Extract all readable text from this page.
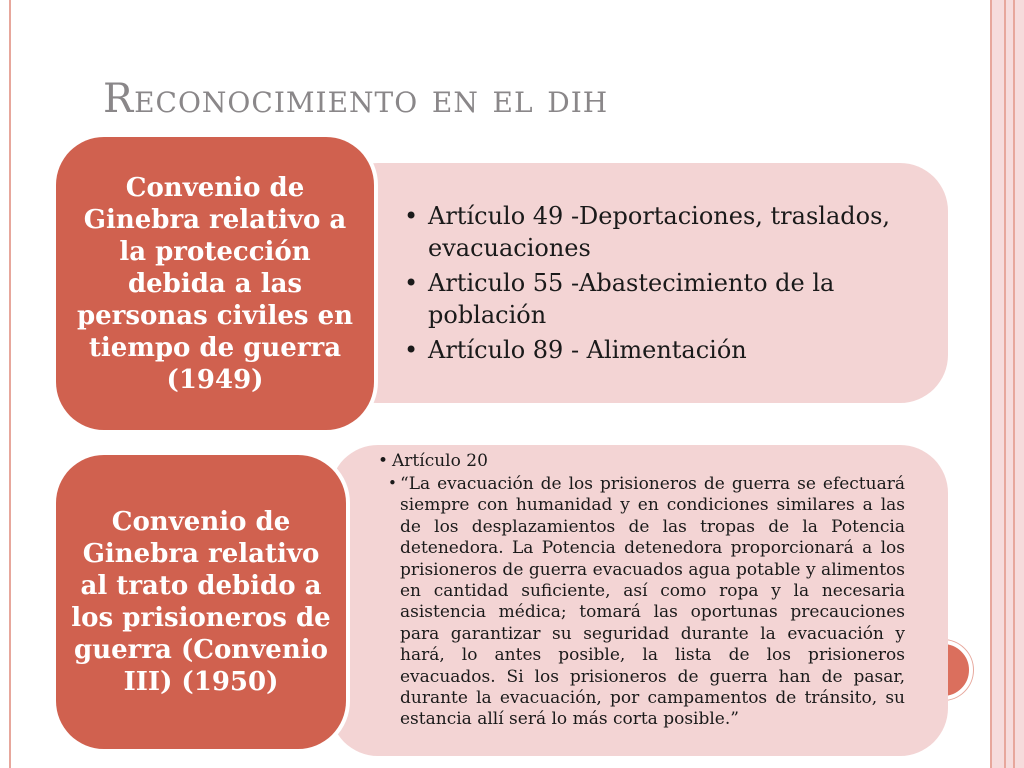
Reconocimiento en el dih
Convenio de Ginebra relativo a la protección debida a las personas civiles en tiempo de guerra (1949)
• Artículo 49 -Deportaciones, traslados, evacuaciones
• Articulo 55 -Abastecimiento de la población
• Artículo 89 - Alimentación
Convenio de Ginebra relativo al trato debido a los prisioneros de guerra (Convenio III) (1950)
• Artículo 20
• “La evacuación de los prisioneros de guerra se efectuará siempre con humanidad y en condiciones similares a las de los desplazamientos de las tropas de la Potencia detenedora. La Potencia detenedora proporcionará a los prisioneros de guerra evacuados agua potable y alimentos en cantidad suficiente, así como ropa y la necesaria asistencia médica; tomará las oportunas precauciones para garantizar su seguridad durante la evacuación y hará, lo antes posible, la lista de los prisioneros evacuados. Si los prisioneros de guerra han de pasar, durante la evacuación, por campamentos de tránsito, su estancia allí será lo más corta posible.”
